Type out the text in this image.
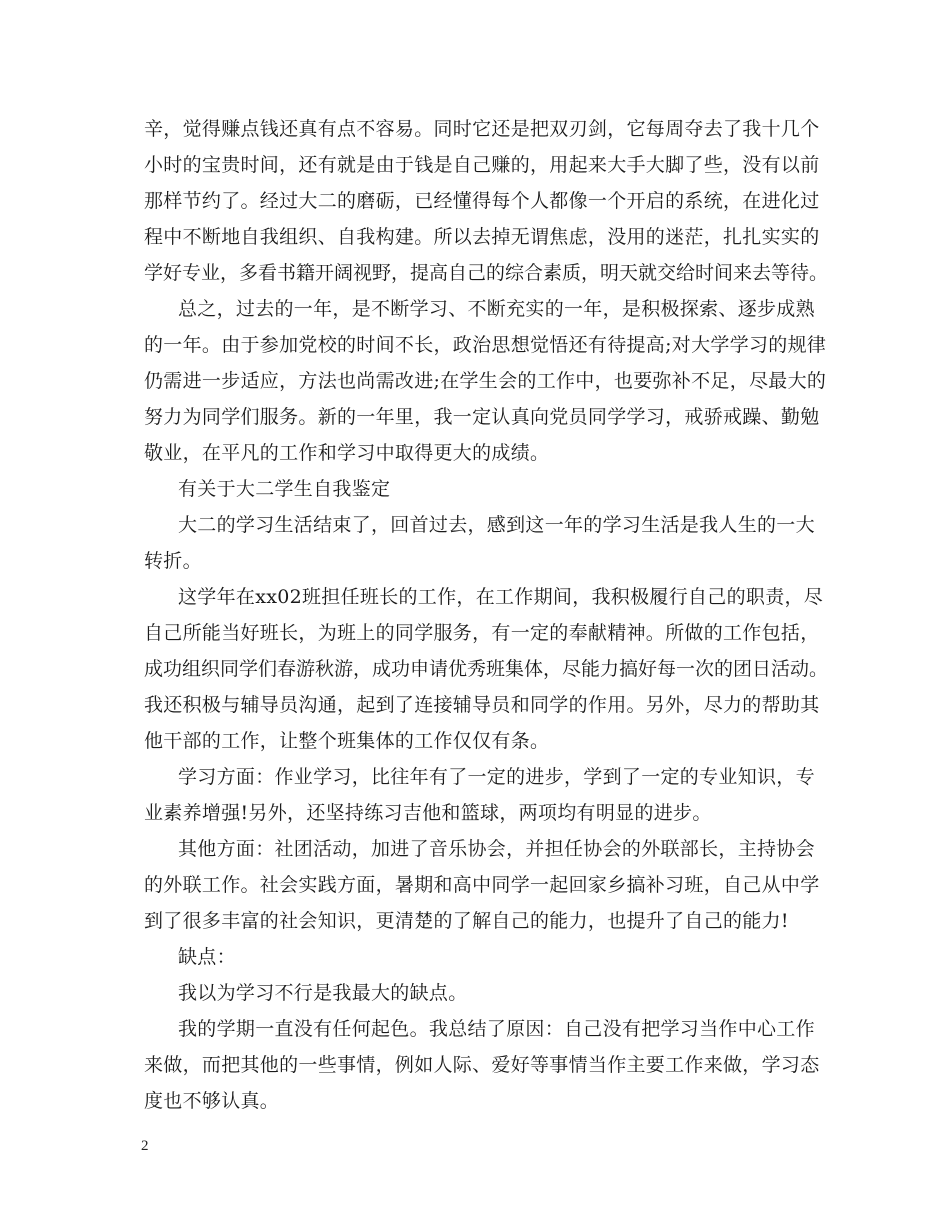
辛，觉得赚点钱还真有点不容易。同时它还是把双刃剑，它每周夺去了我十几个
小时的宝贵时间，还有就是由于钱是自己赚的，用起来大手大脚了些，没有以前
那样节约了。经过大二的磨砺，已经懂得每个人都像一个开启的系统，在进化过
程中不断地自我组织、自我构建。所以去掉无谓焦虑，没用的迷茫，扎扎实实的
学好专业，多看书籍开阔视野，提高自己的综合素质，明天就交给时间来去等待。
总之，过去的一年，是不断学习、不断充实的一年，是积极探索、逐步成熟
的一年。由于参加党校的时间不长，政治思想觉悟还有待提高;对大学学习的规律
仍需进一步适应，方法也尚需改进;在学生会的工作中，也要弥补不足，尽最大的
努力为同学们服务。新的一年里，我一定认真向党员同学学习，戒骄戒躁、勤勉
敬业，在平凡的工作和学习中取得更大的成绩。
有关于大二学生自我鉴定
大二的学习生活结束了，回首过去，感到这一年的学习生活是我人生的一大
转折。
这学年在xx02班担任班长的工作，在工作期间，我积极履行自己的职责，尽
自己所能当好班长，为班上的同学服务，有一定的奉献精神。所做的工作包括，
成功组织同学们春游秋游，成功申请优秀班集体，尽能力搞好每一次的团日活动。
我还积极与辅导员沟通，起到了连接辅导员和同学的作用。另外，尽力的帮助其
他干部的工作，让整个班集体的工作仅仅有条。
学习方面：作业学习，比往年有了一定的进步，学到了一定的专业知识，专
业素养增强!另外，还坚持练习吉他和篮球，两项均有明显的进步。
其他方面：社团活动，加进了音乐协会，并担任协会的外联部长，主持协会
的外联工作。社会实践方面，暑期和高中同学一起回家乡搞补习班，自己从中学
到了很多丰富的社会知识，更清楚的了解自己的能力，也提升了自己的能力!
缺点：
我以为学习不行是我最大的缺点。
我的学期一直没有任何起色。我总结了原因：自己没有把学习当作中心工作
来做，而把其他的一些事情，例如人际、爱好等事情当作主要工作来做，学习态
度也不够认真。
2
